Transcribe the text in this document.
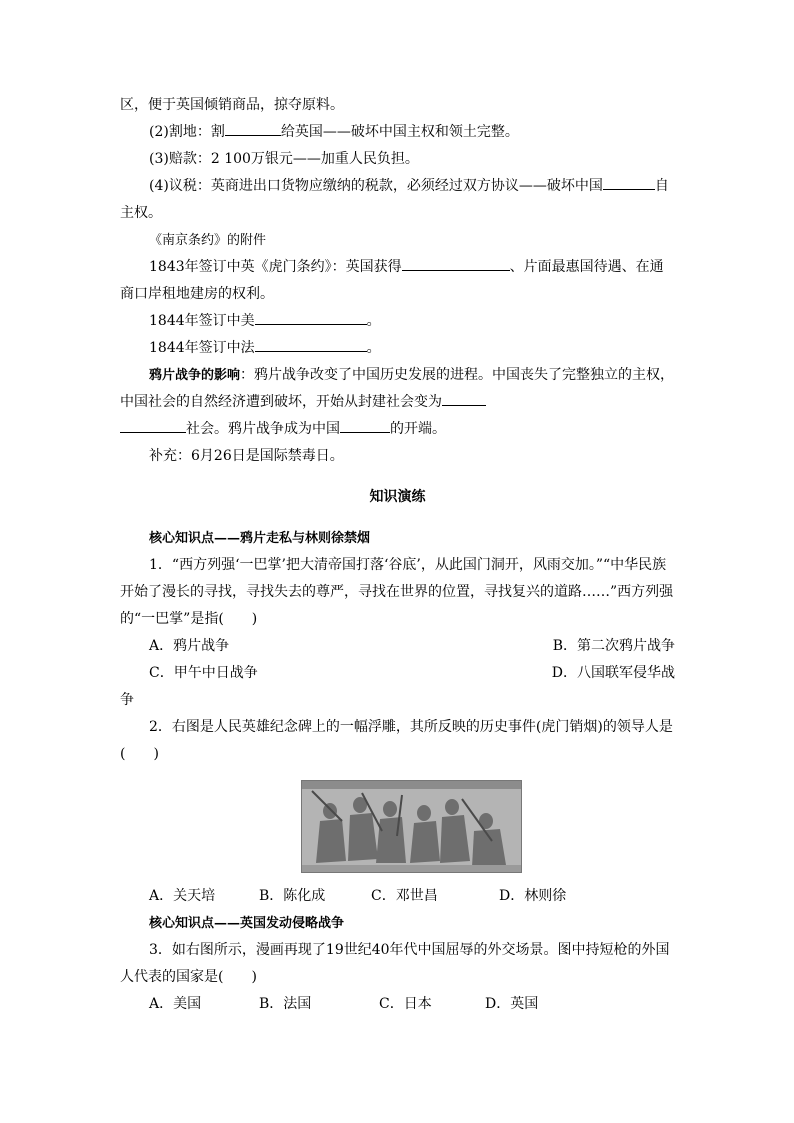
区，便于英国倾销商品，掠夺原料。

(2)割地：割	给英国——破坏中国主权和领土完整。

(3)赔款：2 100万银元——加重人民负担。

(4)议税：英商进出口货物应缴纳的税款，必须经过双方协议——破坏中国	自

主权。

《南京条约》的附件

1843年签订中英《虎门条约》：英国获得	、片面最惠国待遇、在通

商口岸租地建房的权利。

1844年签订中美	。

1844年签订中法	。

鸦片战争的影响：鸦片战争改变了中国历史发展的进程。中国丧失了完整独立的主权，

中国社会的自然经济遭到破坏，开始从封建社会变为

社会。鸦片战争成为中国	的开端。

补充：6月26日是国际禁毒日。

知识演练

核心知识点——鸦片走私与林则徐禁烟

1．“西方列强‘一巴掌’把大清帝国打落‘谷底’，从此国门洞开，风雨交加。”“中华民族

开始了漫长的寻找，寻找失去的尊严，寻找在世界的位置，寻找复兴的道路……”西方列强

的“一巴掌”是指(　　)

A．鸦片战争	B．第二次鸦片战争
C．甲午中日战争	D．八国联军侵华战

争

2．右图是人民英雄纪念碑上的一幅浮雕，其所反映的历史事件(虎门销烟)的领导人是

(　　)

A．关天培	B．陈化成	C．邓世昌	D．林则徐

核心知识点——英国发动侵略战争

3．如右图所示，漫画再现了19世纪40年代中国屈辱的外交场景。图中持短枪的外国

人代表的国家是(　　)

A．美国	B．法国	C．日本	D．英国
